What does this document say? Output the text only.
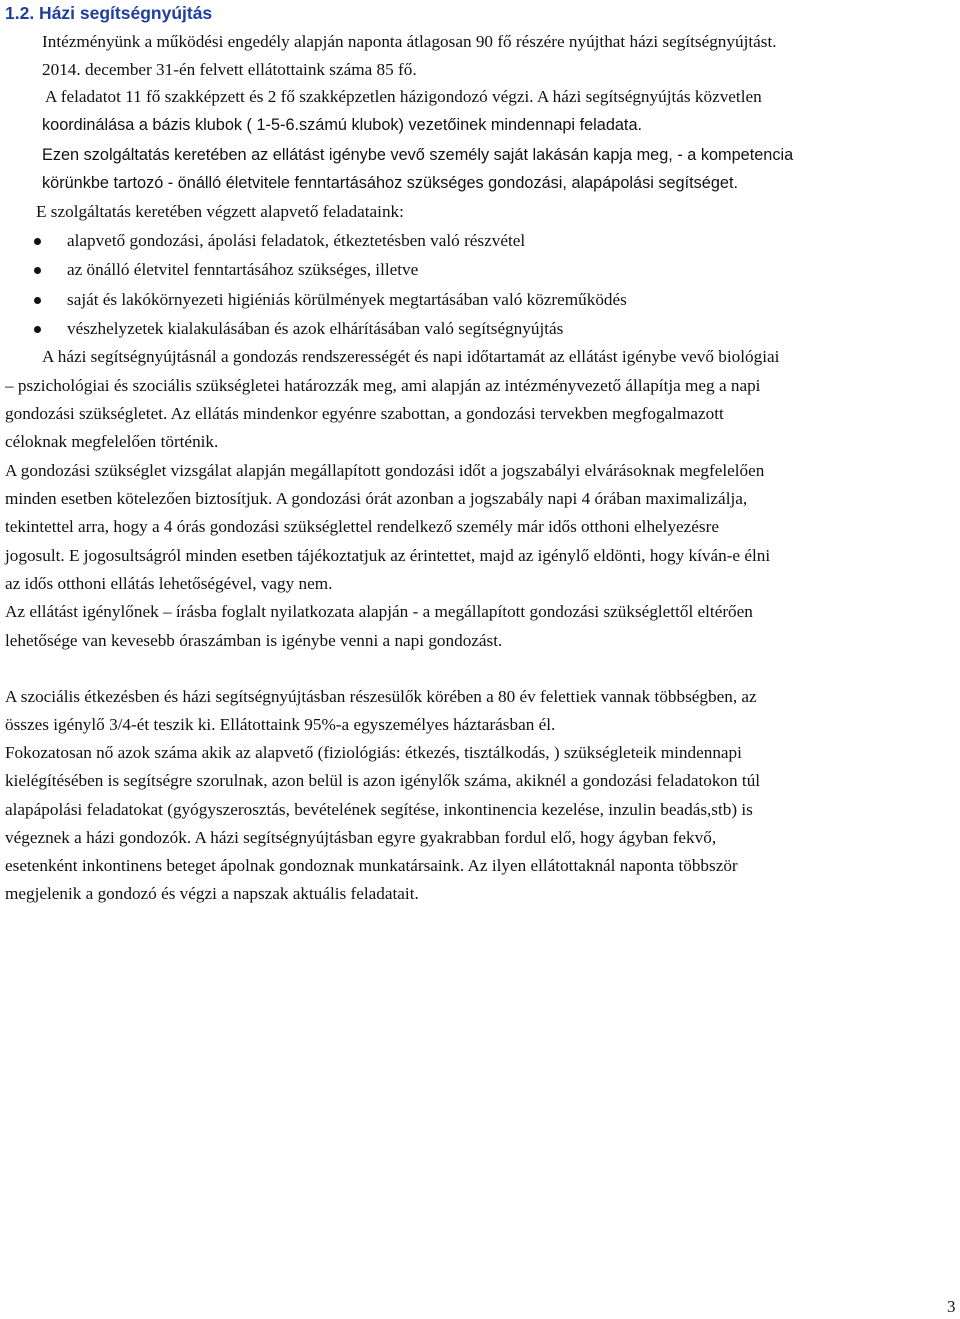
1.2. Házi segítségnyújtás
Intézményünk a működési engedély alapján naponta átlagosan 90 fő részére nyújthat házi segítségnyújtást.
2014. december 31-én felvett ellátottaink száma 85 fő.
A feladatot 11 fő szakképzett és 2 fő szakképzetlen házigondozó végzi. A házi segítségnyújtás közvetlen
koordinálása a bázis klubok ( 1-5-6.számú klubok) vezetőinek mindennapi feladata.
Ezen szolgáltatás keretében az ellátást igénybe vevő személy saját lakásán kapja meg, - a kompetencia
körünkbe tartozó - önálló életvitele fenntartásához szükséges gondozási, alapápolási segítséget.
E szolgáltatás keretében végzett alapvető feladataink:
alapvető gondozási, ápolási feladatok, étkeztetésben való részvétel
az önálló életvitel fenntartásához szükséges, illetve
saját és lakókörnyezeti higiéniás körülmények megtartásában való közreműködés
vészhelyzetek kialakulásában és azok elhárításában való segítségnyújtás
A házi segítségnyújtásnál a gondozás rendszerességét és napi időtartamát az ellátást igénybe vevő biológiai
– pszichológiai és szociális szükségletei határozzák meg, ami alapján az intézményvezető állapítja meg a napi
gondozási szükségletet. Az ellátás mindenkor egyénre szabottan, a gondozási tervekben megfogalmazott
céloknak megfelelően történik.
A gondozási szükséglet vizsgálat alapján megállapított gondozási időt a jogszabályi elvárásoknak megfelelően
minden esetben kötelezően biztosítjuk. A gondozási órát azonban a jogszabály napi 4 órában maximalizálja,
tekintettel arra, hogy a 4 órás gondozási szükséglettel rendelkező személy már idős otthoni elhelyezésre
jogosult. E jogosultságról minden esetben tájékoztatjuk az érintettet, majd az igénylő eldönti, hogy kíván-e élni
az idős otthoni ellátás lehetőségével, vagy nem.
Az ellátást igénylőnek – írásba foglalt nyilatkozata alapján - a megállapított gondozási szükséglettől eltérően
lehetősége van kevesebb óraszámban is igénybe venni a napi gondozást.
A szociális étkezésben és házi segítségnyújtásban részesülők körében a 80 év felettiek vannak többségben, az
összes igénylő 3/4-ét teszik ki. Ellátottaink 95%-a egyszemélyes háztarásban él.
Fokozatosan nő azok száma akik az alapvető (fiziológiás: étkezés, tisztálkodás, ) szükségleteik mindennapi
kielégítésében is segítségre szorulnak, azon belül is azon igénylők száma, akiknél a gondozási feladatokon túl
alapápolási feladatokat (gyógyszerosztás, bevételének segítése, inkontinencia kezelése, inzulin beadás,stb) is
végeznek a házi gondozók. A házi segítségnyújtásban egyre gyakrabban fordul elő, hogy ágyban fekvő,
esetenként inkontinens beteget ápolnak gondoznak munkatársaink. Az ilyen ellátottaknál naponta többször
megjelenik a gondozó és végzi a napszak aktuális feladatait.
3
